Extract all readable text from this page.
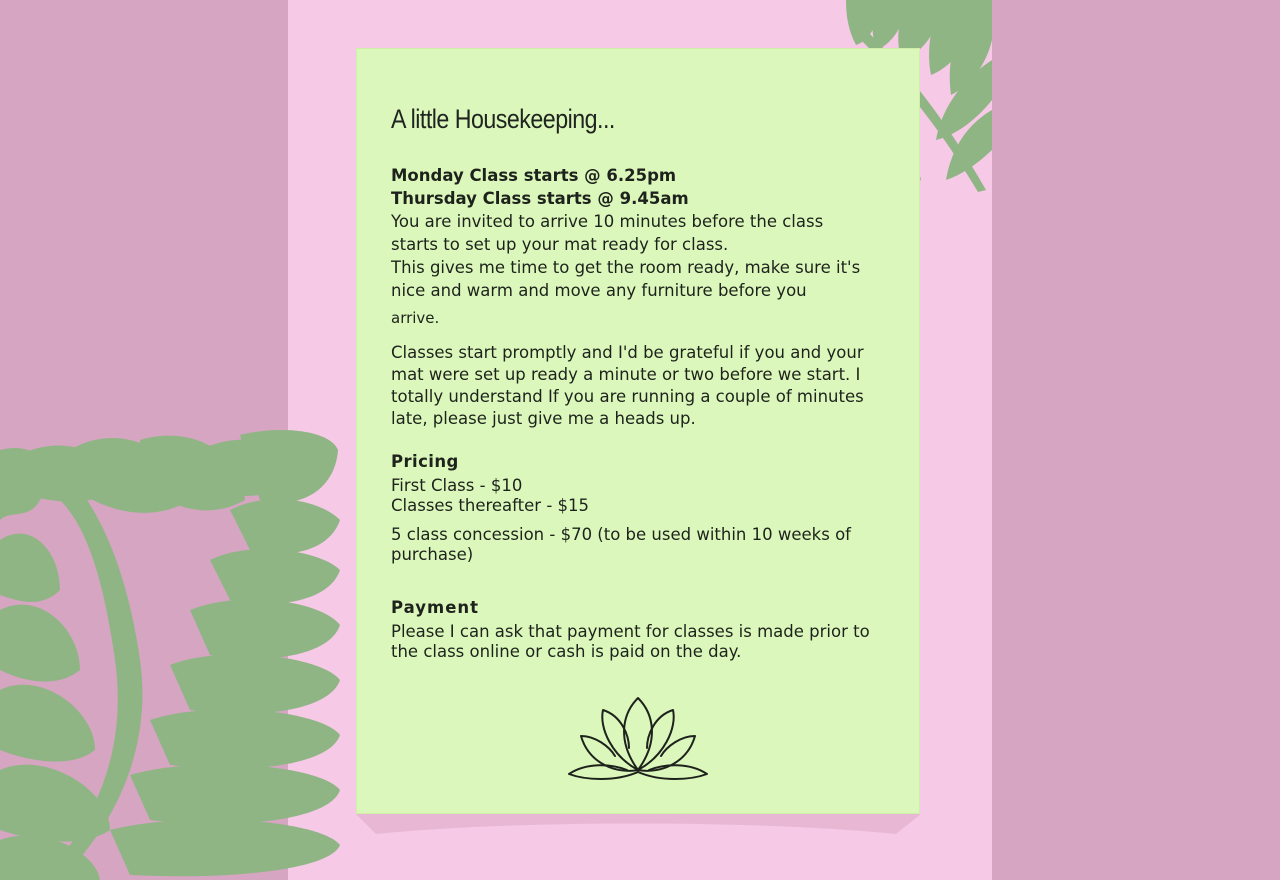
A little Housekeeping...
Monday Class starts @ 6.25pm
Thursday Class starts @ 9.45am
You are invited to arrive 10 minutes before the class
starts to set up your mat ready for class.
This gives me time to get the room ready, make sure it's
nice and warm and move any furniture before you
arrive.
Classes start promptly and I'd be grateful if you and your mat were set up ready a minute or two before we start. I totally understand If you are running a couple of minutes late, please just give me a heads up.
Pricing
First Class - $10
Classes thereafter - $15
5 class concession - $70 (to be used within 10 weeks of purchase)
Payment
Please I can ask that payment for classes is made prior to the class online or cash is paid on the day.
